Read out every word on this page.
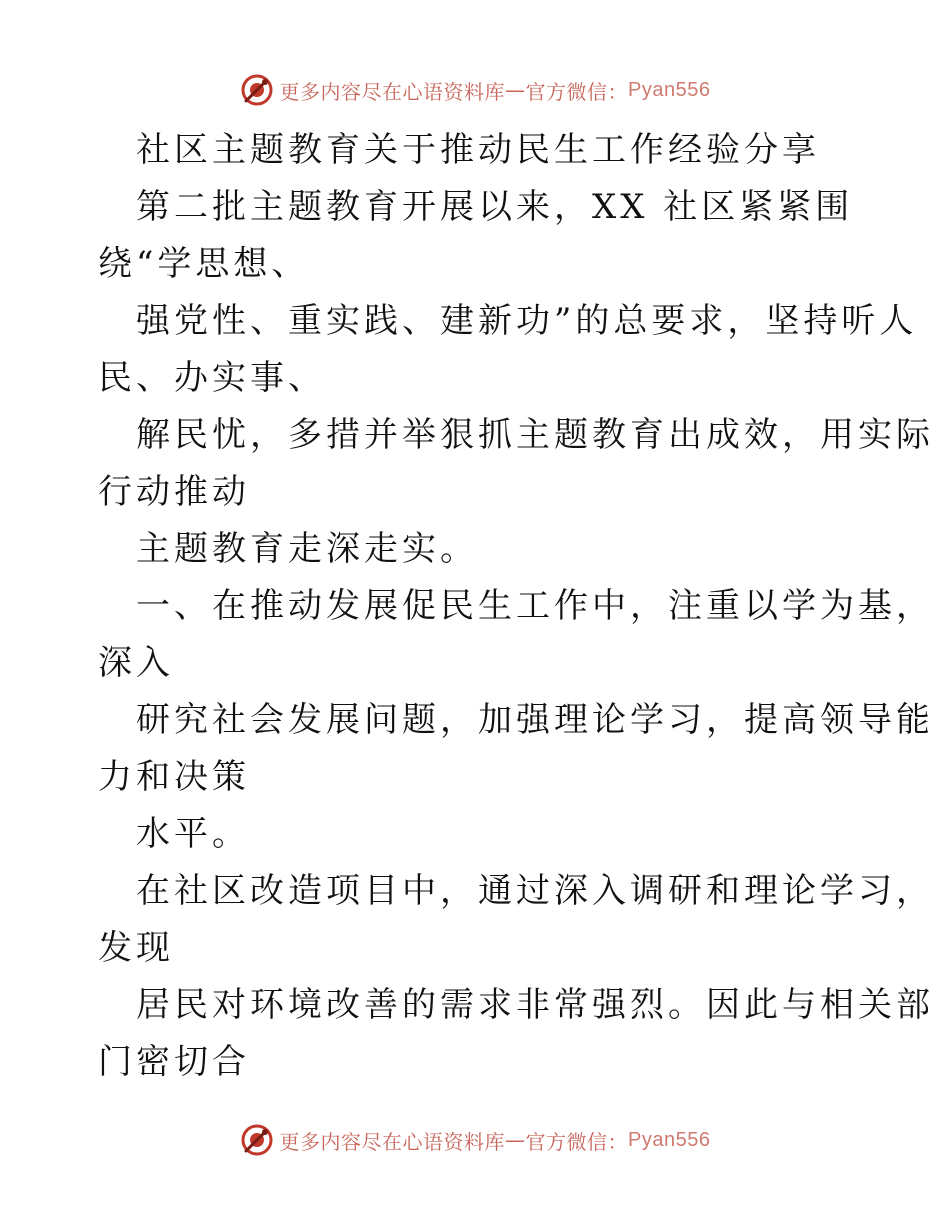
更多内容尽在心语资料库 — 官方微信： Pyan556
社区主题教育关于推动民生工作经验分享
第二批主题教育开展以来，XX 社区紧紧围
绕“学思想、
强党性、重实践、建新功”的总要求，坚持听人
民、办实事、
解民忧，多措并举狠抓主题教育出成效，用实际
行动推动
主题教育走深走实。
一、在推动发展促民生工作中，注重以学为基，
深入
研究社会发展问题，加强理论学习，提高领导能
力和决策
水平。
在社区改造项目中，通过深入调研和理论学习，
发现
居民对环境改善的需求非常强烈。因此与相关部
门密切合
更多内容尽在心语资料库 — 官方微信： Pyan556
